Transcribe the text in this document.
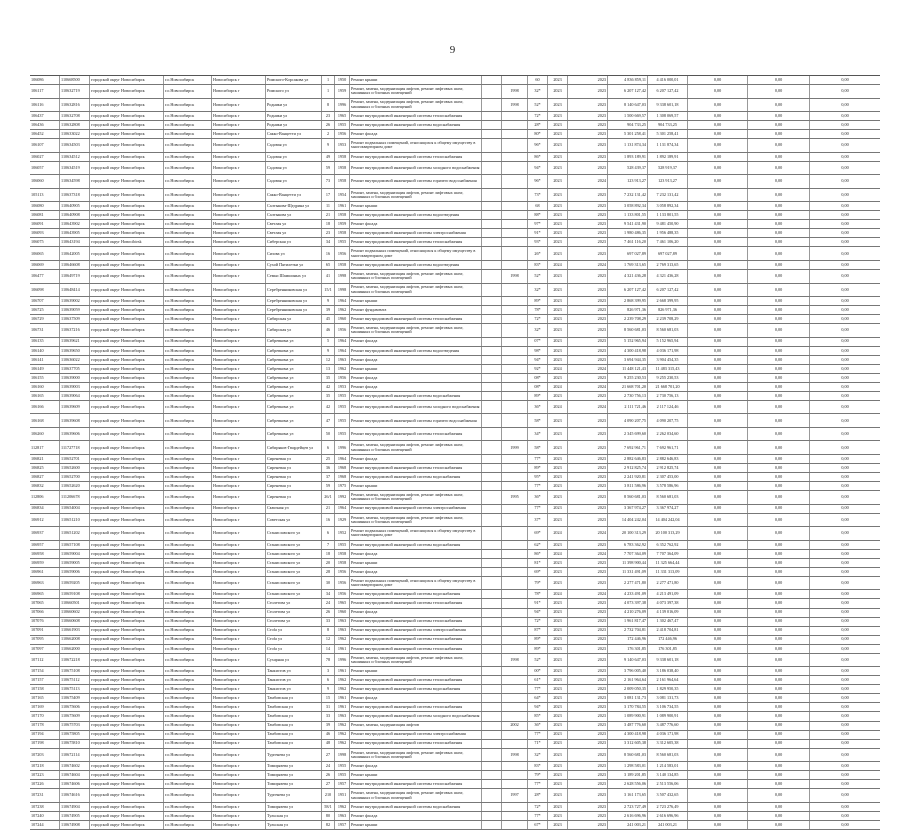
9
106086	110668500	городской округ Новосибирск	г.о.Новосибирск	Новосибирск г	Римского-Корсакова ул	1	1950	Ремонт крыши	60	2023	2023	4 836 859,11	4 416 000,01	0,00	0,00	0,00
106117	110632719	городской округ Новосибирск	г.о.Новосибирск	Новосибирск г	Римского ул	1	1959	Ремонт, замена, модернизация лифтов, ремонт лифтовых шахт, машинных и блочных помещений	1998	32*	2023	2023	6 207 127,42	6 207 127,42	0,00	0,00	0,00
106116	110632816	городской округ Новосибирск	г.о.Новосибирск	Новосибирск г	Родники ул	8	1996	Ремонт, замена, модернизация лифтов, ремонт лифтовых шахт, машинных и блочных помещений	1998	52*	2023	2023	8 140 647,03	9 338 601,18	0,00	0,00	0,00
106437	110632708	городской округ Новосибирск	г.о.Новосибирск	Новосибирск г	Родники ул	23	1965	Ремонт внутридомовой инженерной системы теплоснабжения	72*	2023	2023	1 500 669,57	1 308 069,57	0,00	0,00	0,00
106436	110632808	городской округ Новосибирск	г.о.Новосибирск	Новосибирск г	Родники ул	26	1955	Ремонт внутридомовой инженерной системы водоснабжения	28*	2023	2023	904 733,25	904 733,25	0,00	0,00	0,00
106452	110633022	городской округ Новосибирск	г.о.Новосибирск	Новосибирск г	Сакко-Ванцетти ул	2	1956	Ремонт фасада	80*	2023	2023	5 301 258,41	5 301 258,41	0,00	0,00	0,00
106107	110634503	городской округ Новосибирск	г.о.Новосибирск	Новосибирск г	Садовая ул	9	1953	Ремонт подвальных помещений, относящихся к общему имуществу в многоквартирном доме	96*	2023	2023	1 131 874,34	1 131 874,34	0,00	0,00	0,00
106027	110634512	городской округ Новосибирск	г.о.Новосибирск	Новосибирск г	Садовая ул	49	1958	Ремонт внутридомовой инженерной системы теплоснабжения	86*	2023	2023	1 893 189,91	1 892 189,91	0,00	0,00	0,00
106057	110634519	городской округ Новосибирск	г.о.Новосибирск	Новосибирск г	Садовая ул	59	1958	Ремонт внутридомовой инженерной системы холодного водоснабжения	94*	2023	2023	528 439,37	528 919,37	0,00	0,00	0,00
106060	110634598	городской округ Новосибирск	г.о.Новосибирск	Новосибирск г	Садовая ул	73	1958	Ремонт внутридомовой инженерной системы горячего водоснабжения	96*	2023	2024	123 913,27	123 913,27	0,00	0,00	0,00
105113	110637318	городской округ Новосибирск	г.о.Новосибирск	Новосибирск г	Сакко-Ванцетти ул	17	1954	Ремонт, замена, модернизация лифтов, ремонт лифтовых шахт, машинных и блочных помещений	73*	2023	2023	7 232 131,42	7 232 131,42	0,00	0,00	0,00
106080	110640905	городской округ Новосибирск	г.о.Новосибирск	Новосибирск г	Салтыкова-Щедрина ул	11	1961	Ремонт крыши	68	2023	2023	3 058 892,34	3 058 892,34	0,00	0,00	0,00
106081	110640908	городской округ Новосибирск	г.о.Новосибирск	Новосибирск г	Салтыкова ул	21	1958	Ремонт внутридомовой инженерной системы водоотведения	88*	2023	2023	1 133 801,55	1 133 801,55	0,00	0,00	0,00
106091	110643902	городской округ Новосибирск	г.о.Новосибирск	Новосибирск г	Светлая ул	18	1959	Ремонт фасада	97*	2023	2023	9 541 431,90	9 481 450,90	0,00	0,00	0,00
106093	110643905	городской округ Новосибирск	г.о.Новосибирск	Новосибирск г	Светлая ул	23	1958	Ремонт внутридомовой инженерной системы электроснабжения	91*	2023	2023	1 980 486,35	1 956 488,35	0,00	0,00	0,00
106075	110643194	городской округ Новосibirsk	г.о.Новосибирск	Новосибирск г	Сиберская ул	34	1955	Ремонт внутридомовой инженерной системы теплоснабжения	93*	2023	2023	7 461 116,20	7 461 106,20	0,00	0,00	0,00
106065	110642005	городской округ Новосибирск	г.о.Новосибирск	Новосибирск г	Сизова ул	16	1956	Ремонт подвальных помещений, относящихся к общему имуществу в многоквартирном доме	26*	2023	2023	697 027,89	697 027,89	0,00	0,00	0,00
106069	110646608	городской округ Новосибирск	г.о.Новосибирск	Новосибирск г	Сухой Пятилетки ул	65	1958	Ремонт внутридомовой инженерной системы водоотведения	83*	2024	2024	1 769 313,65	2 769 313,65	0,00	0,00	0,00
106477	110649719	городской округ Новосибирск	г.о.Новосибирск	Новосибирск г	Семьи Шамшиных ул	41	1998	Ремонт, замена, модернизация лифтов, ремонт лифтовых шахт, машинных и блочных помещений	1998	52*	2023	2023	4 321 436,28	4 321 436,28	0,00	0,00	0,00
106098	110648414	городской округ Новосибирск	г.о.Новосибирск	Новосибирск г	Серебренниковская ул	15/1	1998	Ремонт, замена, модернизация лифтов, ремонт лифтовых шахт, машинных и блочных помещений	32*	2023	2023	6 207 127,42	6 207 127,42	0,00	0,00	0,00
106707	110639002	городской округ Новосибирск	г.о.Новосибирск	Новосибирск г	Серебренниковская ул	9	1964	Ремонт крыши	89*	2023	2023	2 868 399,95	2 668 399,95	0,00	0,00	0,00
106725	110639059	городской округ Новосибирск	г.о.Новосибирск	Новосибирск г	Серебренниковская ул	39	1962	Ремонт фундамента	78*	2023	2023	826 971,36	826 971,36	0,00	0,00	0,00
106729	110637509	городской округ Новосибирск	г.о.Новосибирск	Новосибирск г	Сибирская ул	45	1960	Ремонт внутридомовой инженерной системы теплоснабжения	72*	2023	2023	2 239 708,29	2 239 708,29	0,00	0,00	0,00
106731	110637216	городской округ Новосибирск	г.о.Новосибирск	Новосибирск г	Сибирская ул	46	1956	Ремонт, замена, модернизация лифтов, ремонт лифтовых шахт, машинных и блочных помещений	32*	2023	2023	8 560 681,03	8 560 681,03	0,00	0,00	0,00
106135	110639621	городской округ Новосибирск	г.о.Новосибирск	Новосибирск г	Сибревкома ул	5	1964	Ремонт фасада	07*	2023	2023	5 152 965,94	5 152 965,94	0,00	0,00	0,00
106140	110639650	городской округ Новосибирск	г.о.Новосибирск	Новосибирск г	Сибревкома ул	9	1964	Ремонт внутридомовой инженерной системы водоотведения	98*	2023	2023	4 300 418,98	4 036 171,98	0,00	0,00	0,00
106141	110636022	городской округ Новосибирск	г.о.Новосибирск	Новосибирск г	Сибревкома ул	12	1963	Ремонт фасада	94*	2023	2023	3 694 944,35	3 904 454,35	0,00	0,00	0,00
106149	110637705	городской округ Новосибирск	г.о.Новосибирск	Новосибирск г	Сибревкома ул	13	1962	Ремонт крыши	92*	2024	2024	11 448 121,43	11 483 315,43	0,00	0,00	0,00
106155	110639000	городской округ Новосибирск	г.о.Новосибирск	Новосибирск г	Сибревкома ул	35	1956	Ремонт фасада	08*	2023	2023	9 255 230,53	9 255 230,53	0,00	0,00	0,00
106160	110639003	городской округ Новосибирск	г.о.Новосибирск	Новосибирск г	Сибревкома ул	42	1953	Ремонт фасада	08*	2024	2024	21 668 701,20	21 668 701,20	0,00	0,00	0,00
106165	110639064	городской округ Новосибирск	г.о.Новосибирск	Новосибирск г	Сибревкома ул	35	1955	Ремонт внутридомовой инженерной системы водоснабжения	89*	2023	2023	2 730 756,13	2 730 756,13	0,00	0,00	0,00
106166	110639609	городской округ Новосибирск	г.о.Новосибирск	Новосибирск г	Сибревкома ул	42	1955	Ремонт внутридомовой инженерной системы холодного водоснабжения	36*	2024	2024	2 111 721,46	2 117 124,46	0,00	0,00	0,00
106168	110639608	городской округ Новосибирск	г.о.Новосибирск	Новосибирск г	Сибревкома ул	47	1955	Ремонт внутридомовой инженерной системы горячего водоснабжения	58*	2023	2023	4 090 207,75	4 090 207,75	0,00	0,00	0,00
106260	110639606	городской округ Новосибирск	г.о.Новосибирск	Новосибирск г	Сибревкома ул	50	1955	Ремонт внутридомовой инженерной системы теплоснабжения	34*	2023	2023	2 345 699,60	2 262 034,60	0,00	0,00	0,00
112817	111727718	городской округ Новосибирск	г.о.Новосибирск	Новосибирск г	Сибиряков-Гвардейцев ул	6	1996	Ремонт, замена, модернизация лифтов, ремонт лифтовых шахт, машинных и блочных помещений	1999	58*	2023	2023	7 692 961,71	7 692 961,71	0,00	0,00	0,00
106821	110652701	городской округ Новосибирск	г.о.Новосибирск	Новосибирск г	Сиреневая ул	25	1964	Ремонт фасада	77*	2023	2023	2 882 646,83	2 882 646,83	0,00	0,00	0,00
106825	110652600	городской округ Новосибирск	г.о.Новосибирск	Новосибирск г	Сиреневая ул	36	1968	Ремонт внутридомовой инженерной системы теплоснабжения	89*	2023	2023	2 912 825,74	2 912 825,74	0,00	0,00	0,00
106827	110652700	городской округ Новосибирск	г.о.Новосибирск	Новосибирск г	Сиреневая ул	37	1968	Ремонт внутридомовой инженерной системы водоснабжения	95*	2023	2023	2 241 920,81	2 307 453,00	0,00	0,00	0,00
106832	110652620	городской округ Новосибирск	г.о.Новосибирск	Новосибирск г	Сиреневая ул	59	1975	Ремонт крыши	77*	2023	2023	3 811 586,96	3 578 586,96	0,00	0,00	0,00
112806	111206678	городской округ Новосибирск	г.о.Новосибирск	Новосибирск г	Сиреневая ул	26/1	1992	Ремонт, замена, модернизация лифтов, ремонт лифтовых шахт, машинных и блочных помещений	1995	36*	2023	2023	8 560 681,03	8 560 681,03	0,00	0,00	0,00
106834	110654004	городской округ Новосибирск	г.о.Новосибирск	Новосибирск г	Сквозная ул	21	1964	Ремонт внутридомовой инженерной системы электроснабжения	77*	2023	2023	3 367 974,27	3 367 974,27	0,00	0,00	0,00
106912	110651210	городской округ Новосибирск	г.о.Новосибирск	Новосибирск г	Советская ул	16	1929	Ремонт, замена, модернизация лифтов, ремонт лифтовых шахт, машинных и блочных помещений	37*	2023	2023	14 404 242,04	14 404 242,04	0,00	0,00	0,00
106937	110651202	городской округ Новосибирск	г.о.Новосибирск	Новосибирск г	Станиславского ул	6	1952	Ремонт подвальных помещений, относящихся к общему имуществу в многоквартирном доме	69*	2024	2024	20 100 313,29	20 100 313,29	0,00	0,00	0,00
106957	110657108	городской округ Новосибирск	г.о.Новосибирск	Новосибирск г	Станиславского ул	7	1955	Ремонт внутридомовой инженерной системы водоснабжения	62*	2023	2023	6 783 362,92	6 352 762,92	0,00	0,00	0,00
106958	110659004	городской округ Новосибирск	г.о.Новосибирск	Новосибирск г	Станиславского ул	18	1958	Ремонт фасада	86*	2024	2024	7 707 364,09	7 707 364,09	0,00	0,00	0,00
106959	110659005	городской округ Новосибирск	г.о.Новосибирск	Новосибирск г	Станиславского ул	20	1958	Ремонт крыши	81*	2023	2023	11 398 900,44	11 325 664,44	0,00	0,00	0,00
106961	110659006	городской округ Новосибирск	г.о.Новосибирск	Новосибирск г	Станиславского ул	28	1956	Ремонт фасада	69*	2023	2023	11 331 491,09	11 331 313,09	0,00	0,00	0,00
106963	110659205	городской округ Новосибирск	г.о.Новосибирск	Новосибирск г	Станиславского ул	30	1956	Ремонт подвальных помещений, относящихся к общему имуществу в многоквартирном доме	79*	2023	2023	2 277 471,80	2 277 471,80	0,00	0,00	0,00
106965	110659108	городской округ Новосибирск	г.о.Новосибирск	Новосибирск г	Станиславского ул	34	1956	Ремонт внутридомовой инженерной системы водоснабжения	78*	2024	2024	4 233 491,09	4 213 491,09	0,00	0,00	0,00
107065	110660501	городской округ Новосибирск	г.о.Новосибирск	Новосибирск г	Столетова ул	24	1965	Ремонт внутридомовой инженерной системы теплоснабжения	91*	2023	2023	4 073 397,38	4 073 397,38	0,00	0,00	0,00
107066	110660602	городской округ Новосибирск	г.о.Новосибирск	Новосибирск г	Столетова ул	26	1960	Ремонт фасада	94*	2023	2023	4 210 276,09	4 139 016,09	0,00	0,00	0,00
107076	110660608	городской округ Новосибирск	г.о.Новосибирск	Новосибирск г	Столетова ул	33	1963	Ремонт внутридомовой инженерной системы теплоснабжения	72*	2023	2023	1 961 817,47	1 302 467,47	0,00	0,00	0,00
107091	110661903	городской округ Новосибирск	г.о.Новосибирск	Новосибирск г	Стofa ул	8	1963	Ремонт внутридомовой инженерной системы электроснабжения	87*	2023	2023	2 732 704,81	2 418 704,81	0,00	0,00	0,00
107095	110662008	городской округ Новосибирск	г.о.Новосибирск	Новосибирск г	Стofa ул	12	1962	Ремонт внутридомовой инженерной системы теплоснабжения	89*	2023	2023	172 446,96	172 446,96	0,00	0,00	0,00
107097	110662000	городской округ Новосибирск	г.о.Новосибирск	Новосибирск г	Стofa ул	14	1961	Ремонт внутридомовой инженерной системы теплоснабжения	89*	2023	2023	176 301,85	176 301,85	0,00	0,00	0,00
107112	110672218	городской округ Новосибирск	г.о.Новосибирск	Новосибирск г	Сухарная ул	78	1996	Ремонт, замена, модернизация лифтов, ремонт лифтовых шахт, машинных и блочных помещений	1998	52*	2023	2023	9 140 647,03	9 338 601,18	0,00	0,00	0,00
107154	110675108	городской округ Новосибирск	г.о.Новосибирск	Новосибирск г	Танкистов ул	3	1961	Ремонт крыши	00*	2023	2023	3 796 005,40	3 186 038,40	0,00	0,00	0,00
107157	110675112	городской округ Новосибирск	г.о.Новосибирск	Новосибирск г	Танкистов ул	6	1962	Ремонт внутридомовой инженерной системы теплоснабжения	61*	2023	2023	2 161 964,64	2 161 964,64	0,00	0,00	0,00
107158	110675113	городской округ Новосибирск	г.о.Новосибирск	Новосибирск г	Танкистов ул	9	1962	Ремонт внутридомовой инженерной системы водоснабжения	77*	2023	2023	2 009 050,35	1 829 950,35	0,00	0,00	0,00
107165	110675409	городской округ Новосибирск	г.о.Новосибирск	Новосибирск г	Тамбовская ул	15	1961	Ремонт фасада	64*	2023	2023	3 081 131,73	3 081 131,73	0,00	0,00	0,00
107169	110675606	городской округ Новосибирск	г.о.Новосибирск	Новосибирск г	Тамбовская ул	31	1961	Ремонт внутридомовой инженерной системы теплоснабжения	94*	2023	2023	3 170 784,55	3 106 734,55	0,00	0,00	0,00
107170	110675609	городской округ Новосибирск	г.о.Новосибирск	Новосибирск г	Тамбовская ул	33	1963	Ремонт внутридомовой инженерной системы холодного водоснабжения	85*	2023	2023	1 089 900,91	1 089 900,91	0,00	0,00	0,00
107178	110675703	городской округ Новосибирск	г.о.Новосибирск	Новосибирск г	Тамбовская ул	39	1962	Ремонт, замена, модернизация лифтов	2002	36*	2023	2023	3 487 776,60	3 487 776,60	0,00	0,00	0,00
107194	110675805	городской округ Новосибирск	г.о.Новосибирск	Новосибирск г	Тамбовская ул	46	1962	Ремонт внутридомовой инженерной системы электроснабжения	77*	2023	2023	4 300 418,98	4 036 171,98	0,00	0,00	0,00
107198	110675810	городской округ Новосибирск	г.о.Новосибирск	Новосибирск г	Тамбовская ул	48	1962	Ремонт внутридомовой инженерной системы теплоснабжения	71*	2023	2023	3 312 605,38	3 312 605,38	0,00	0,00	0,00
107203	110672114	городской округ Новосибирск	г.о.Новосибирск	Новосибирск г	Тургенева ул	27	1998	Ремонт, замена, модернизация лифтов, ремонт лифтовых шахт, машинных и блочных помещений	1998	32*	2023	2023	8 560 681,03	8 560 681,03	0,00	0,00	0,00
107218	110674602	городской округ Новосибирск	г.о.Новосибирск	Новосибирск г	Тимирязева ул	24	1955	Ремонт фасада	83*	2023	2023	1 298 583,01	1 214 583,01	0,00	0,00	0,00
107223	110674604	городской округ Новосибирск	г.о.Новосибирск	Новосибирск г	Тимирязева ул	26	1955	Ремонт крыши	79*	2023	2023	3 189 201,85	3 140 134,85	0,00	0,00	0,00
107226	110674606	городской округ Новосибирск	г.о.Новосибирск	Новосибирск г	Тимирязева ул	27	1957	Ремонт внутридомовой инженерной системы теплоснабжения	77*	2023	2023	2 628 556,06	2 513 556,06	0,00	0,00	0,00
107231	110674616	городской округ Новосибирск	г.о.Новосибирск	Новосибирск г	Тургенева ул	210	1951	Ремонт, замена, модернизация лифтов, ремонт лифтовых шахт, машинных и блочных помещений	1997	28*	2023	2023	3 161 173,65	3 507 432,65	0,00	0,00	0,00
107238	110674904	городской округ Новосибирск	г.о.Новосибирск	Новосибирск г	Тимирязева ул	58/1	1962	Ремонт внутридомовой инженерной системы водоснабжения	72*	2023	2023	2 723 727,49	2 723 276,49	0,00	0,00	0,00
107240	110674905	городской округ Новосибирск	г.о.Новосибирск	Новосибирск г	Тульская ул	80	1963	Ремонт фасада	77*	2023	2023	2 616 696,96	2 616 696,96	0,00	0,00	0,00
107244	110674908	городской округ Новосибирск	г.о.Новосибирск	Новосибирск г	Тульская ул	82	1957	Ремонт крыши	67*	2023	2023	241 003,21	241 003,21	0,00	0,00	0,00
